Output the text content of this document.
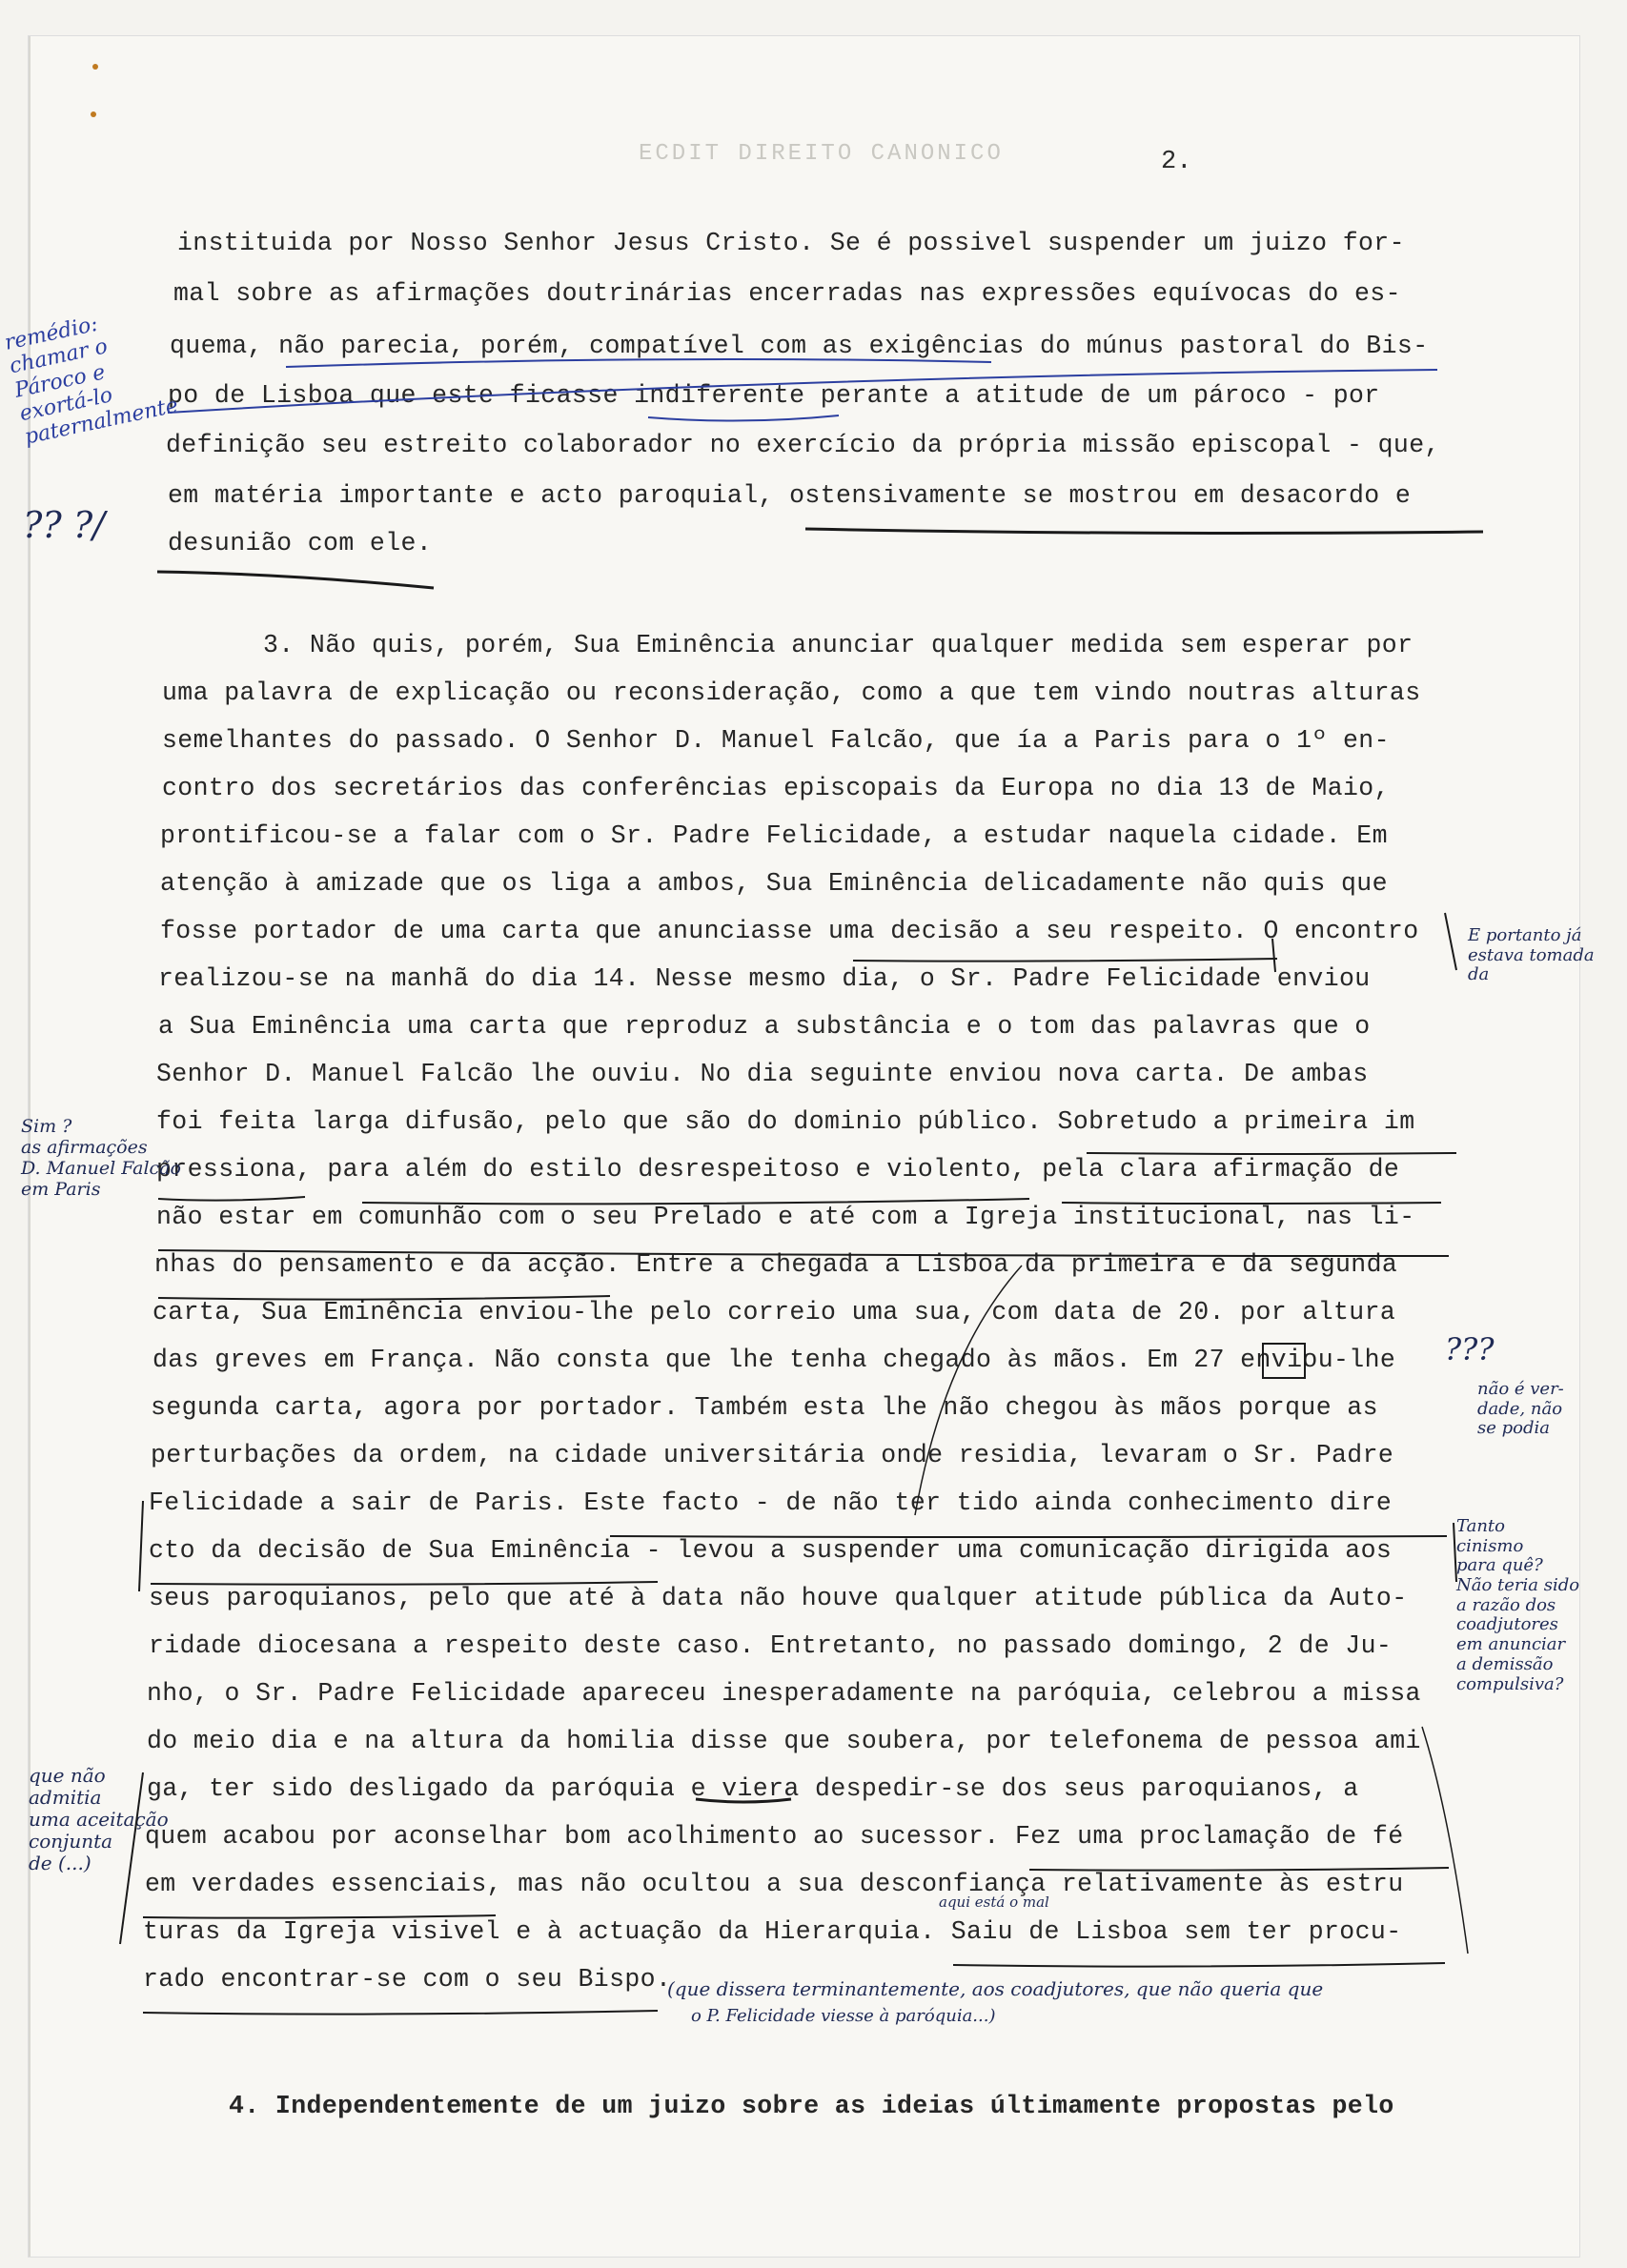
ECDIT DIREITO CANONICO	2.
instituida por Nosso Senhor Jesus Cristo. Se é possivel suspender um juizo for-
mal sobre as afirmações doutrinárias encerradas nas expressões equívocas do es-
quema, não parecia, porém, compatível com as exigências do múnus pastoral do Bis-
po de Lisboa que este ficasse indiferente perante a atitude de um pároco - por
definição seu estreito colaborador no exercício da própria missão episcopal - que,
em matéria importante e acto paroquial, ostensivamente se mostrou em desacordo e
desunião com ele.
3. Não quis, porém, Sua Eminência anunciar qualquer medida sem esperar por
uma palavra de explicação ou reconsideração, como a que tem vindo noutras alturas
semelhantes do passado. O Senhor D. Manuel Falcão, que ía a Paris para o 1º en-
contro dos secretários das conferências episcopais da Europa no dia 13 de Maio,
prontificou-se a falar com o Sr. Padre Felicidade, a estudar naquela cidade. Em
atenção à amizade que os liga a ambos, Sua Eminência delicadamente não quis que
fosse portador de uma carta que anunciasse uma decisão a seu respeito. O encontro
realizou-se na manhã do dia 14. Nesse mesmo dia, o Sr. Padre Felicidade enviou
a Sua Eminência uma carta que reproduz a substância e o tom das palavras que o
Senhor D. Manuel Falcão lhe ouviu. No dia seguinte enviou nova carta. De ambas
foi feita larga difusão, pelo que são do dominio público. Sobretudo a primeira im
pressiona, para além do estilo desrespeitoso e violento, pela clara afirmação de
não estar em comunhão com o seu Prelado e até com a Igreja institucional, nas li-
nhas do pensamento e da acção. Entre a chegada a Lisboa da primeira e da segunda
carta, Sua Eminência enviou-lhe pelo correio uma sua, com data de 20. por altura
das greves em França. Não consta que lhe tenha chegado às mãos. Em 27 enviou-lhe
segunda carta, agora por portador. Também esta lhe não chegou às mãos porque as
perturbações da ordem, na cidade universitária onde residia, levaram o Sr. Padre
Felicidade a sair de Paris. Este facto - de não ter tido ainda conhecimento dire
cto da decisão de Sua Eminência - levou a suspender uma comunicação dirigida aos
seus paroquianos, pelo que até à data não houve qualquer atitude pública da Auto-
ridade diocesana a respeito deste caso. Entretanto, no passado domingo, 2 de Ju-
nho, o Sr. Padre Felicidade apareceu inesperadamente na paróquia, celebrou a missa
do meio dia e na altura da homilia disse que soubera, por telefonema de pessoa ami
ga, ter sido desligado da paróquia e viera despedir-se dos seus paroquianos, a
quem acabou por aconselhar bom acolhimento ao sucessor. Fez uma proclamação de fé
em verdades essenciais, mas não ocultou a sua desconfiança relativamente às estru
turas da Igreja visivel e à actuação da Hierarquia. Saiu de Lisboa sem ter procu-
rado encontrar-se com o seu Bispo.
4. Independentemente de um juizo sobre as ideias últimamente propostas pelo
remédio:
chamar o
Pároco e
exortá-lo
paternalmente
?? ?/
Sim ?
as afirmações
D. Manuel Falcão
em Paris
que não
admitia
uma aceitação
conjunta
de (...)
E portanto já
estava tomada
da
???
não é ver-
dade, não
se podia
Tanto
cinismo
para quê?
Não teria sido
a razão dos
coadjutores
em anunciar
a demissão
compulsiva?
aqui está o mal
(que dissera terminantemente, aos coadjutores, que não queria que
o P. Felicidade viesse à paróquia...)
